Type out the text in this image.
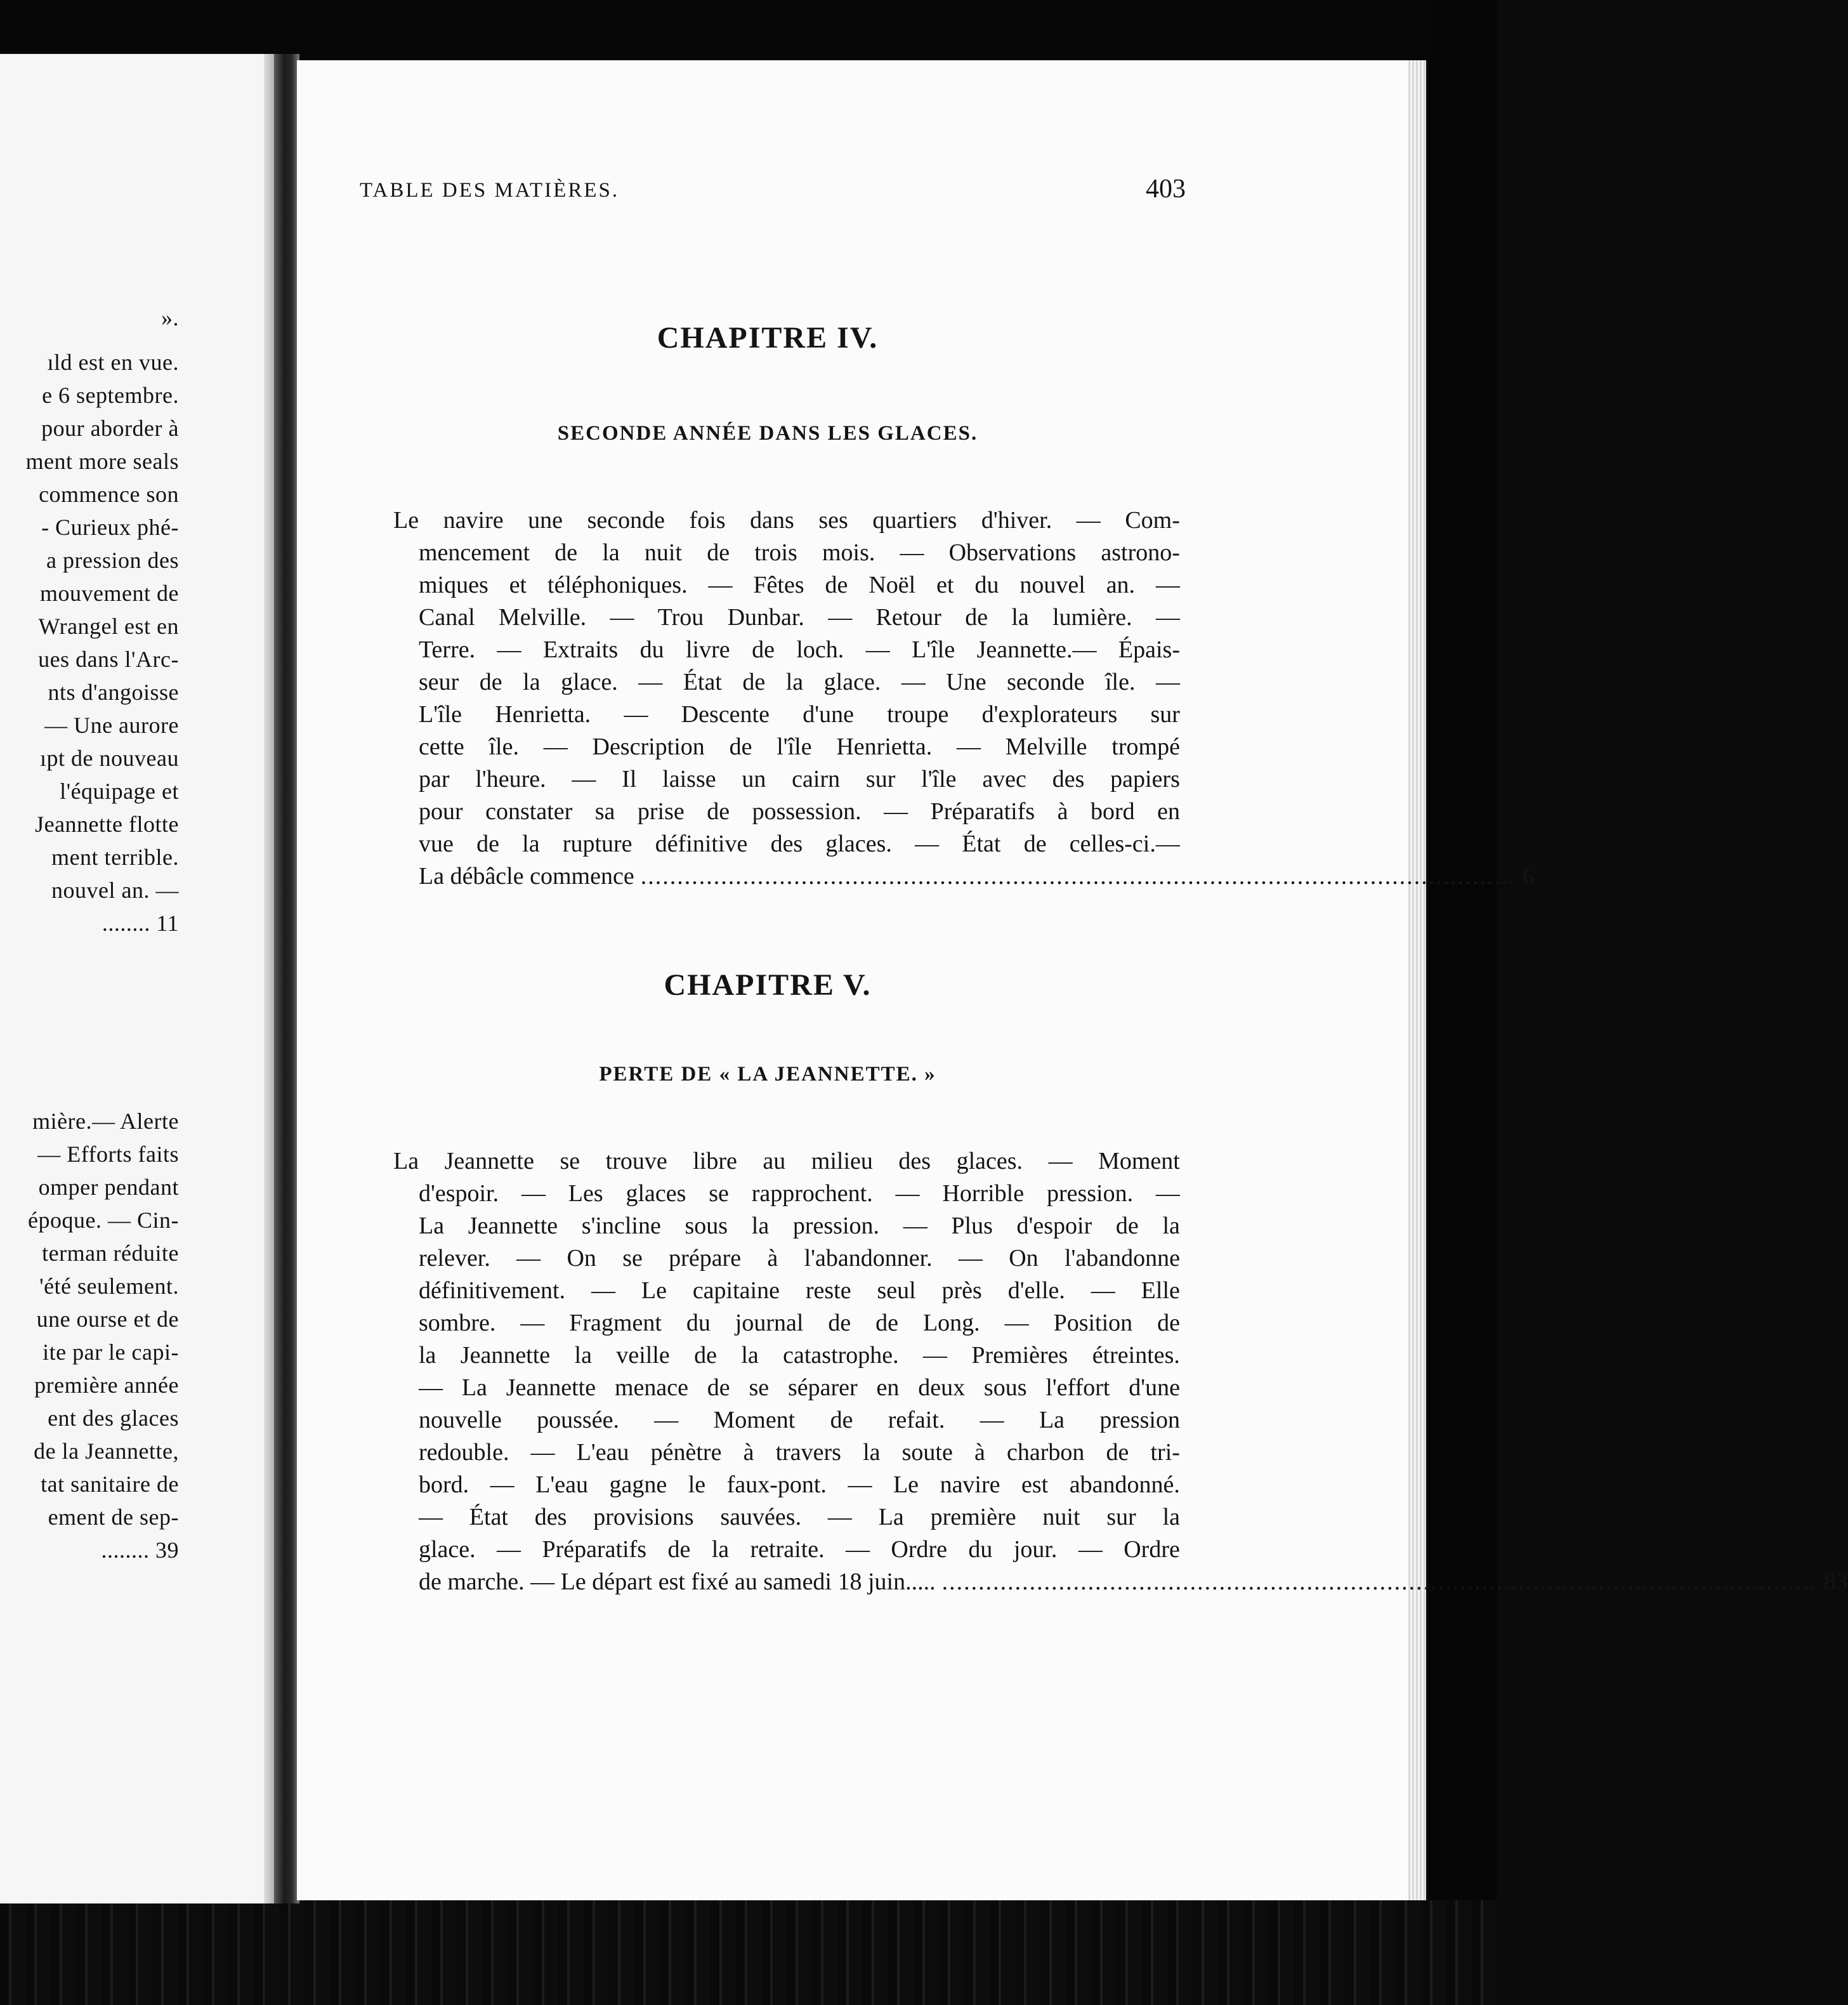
».
ıld est en vue.
e 6 septembre.
pour aborder à
ment more seals
commence son
- Curieux phé-
a pression des
mouvement de
Wrangel est en
ues dans l'Arc-
nts d'angoisse
— Une aurore
ıpt de nouveau
l'équipage et
Jeannette flotte
ment terrible.
nouvel an. —
........ 11
mière.— Alerte
— Efforts faits
omper pendant
époque. — Cin-
terman réduite
'été seulement.
une ourse et de
ite par le capi-
première année
ent des glaces
de la Jeannette,
tat sanitaire de
ement de sep-
........ 39
TABLE DES MATIÈRES.	403
CHAPITRE IV.
SECONDE ANNÉE DANS LES GLACES.
Le navire une seconde fois dans ses quartiers d'hiver. — Com-
mencement de la nuit de trois mois. — Observations astrono-
miques et téléphoniques. — Fêtes de Noël et du nouvel an. —
Canal Melville. — Trou Dunbar. — Retour de la lumière. —
Terre. — Extraits du livre de loch. — L'île Jeannette.— Épais-
seur de la glace. — État de la glace. — Une seconde île. —
L'île Henrietta. — Descente d'une troupe d'explorateurs sur
cette île. — Description de l'île Henrietta. — Melville trompé
par l'heure. — Il laisse un cairn sur l'île avec des papiers
pour constater sa prise de possession. — Préparatifs à bord en
vue de la rupture définitive des glaces. — État de celles-ci.—
La débâcle commence ........................................................................................................................ 6
CHAPITRE V.
PERTE DE « LA JEANNETTE. »
La Jeannette se trouve libre au milieu des glaces. — Moment
d'espoir. — Les glaces se rapprochent. — Horrible pression. —
La Jeannette s'incline sous la pression. — Plus d'espoir de la
relever. — On se prépare à l'abandonner. — On l'abandonne
définitivement. — Le capitaine reste seul près d'elle. — Elle
sombre. — Fragment du journal de de Long. — Position de
la Jeannette la veille de la catastrophe. — Premières étreintes.
— La Jeannette menace de se séparer en deux sous l'effort d'une
nouvelle poussée. — Moment de refait. — La pression
redouble. — L'eau pénètre à travers la soute à charbon de tri-
bord. — L'eau gagne le faux-pont. — Le navire est abandonné.
— État des provisions sauvées. — La première nuit sur la
glace. — Préparatifs de la retraite. — Ordre du jour. — Ordre
de marche. — Le départ est fixé au samedi 18 juin..... ........................................................................................................................ 83
